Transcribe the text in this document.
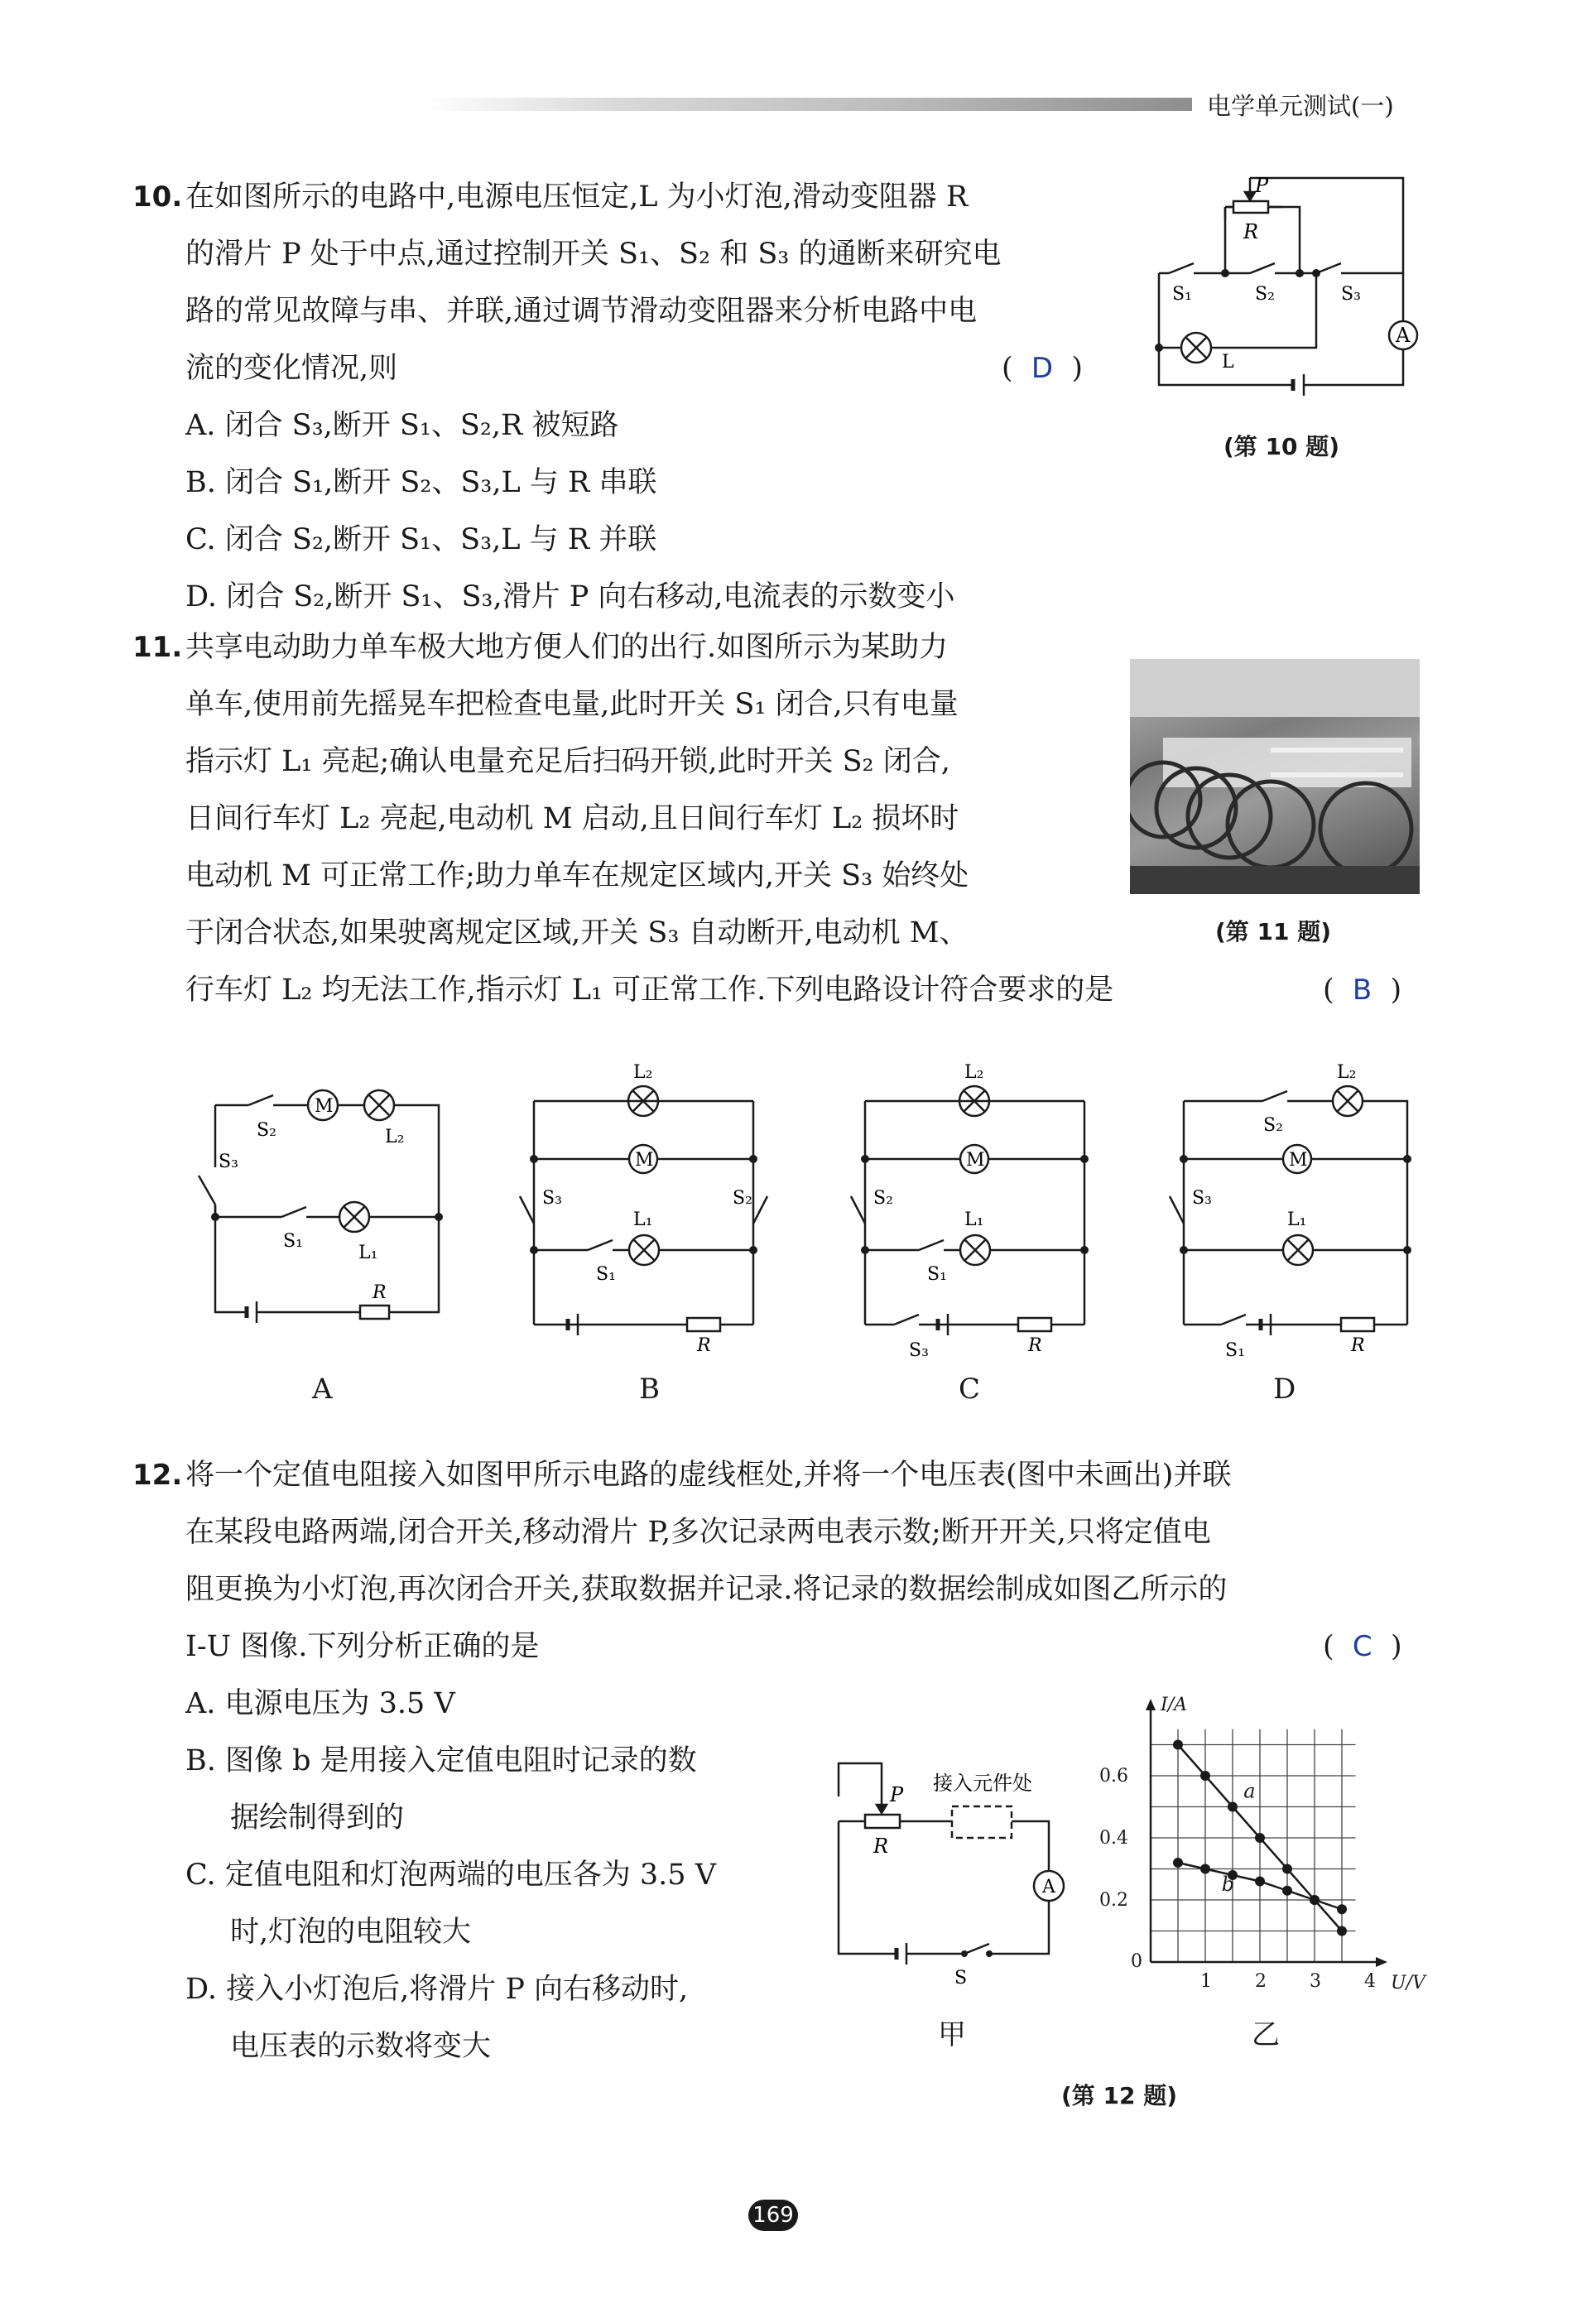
电学单元测试(一)
10. 在如图所示的电路中,电源电压恒定,L 为小灯泡,滑动变阻器 R
的滑片 P 处于中点,通过控制开关 S₁、S₂ 和 S₃ 的通断来研究电
路的常见故障与串、并联,通过调节滑动变阻器来分析电路中电
流的变化情况,则	( D )
A. 闭合 S₃,断开 S₁、S₂,R 被短路
B. 闭合 S₁,断开 S₂、S₃,L 与 R 串联
C. 闭合 S₂,断开 S₁、S₃,L 与 R 并联
D. 闭合 S₂,断开 S₁、S₃,滑片 P 向右移动,电流表的示数变小
P
R
S₁	S₂	S₃
L
A
(第 10 题)
11. 共享电动助力单车极大地方便人们的出行.如图所示为某助力
单车,使用前先摇晃车把检查电量,此时开关 S₁ 闭合,只有电量
指示灯 L₁ 亮起;确认电量充足后扫码开锁,此时开关 S₂ 闭合,
日间行车灯 L₂ 亮起,电动机 M 启动,且日间行车灯 L₂ 损坏时
电动机 M 可正常工作;助力单车在规定区域内,开关 S₃ 始终处
于闭合状态,如果驶离规定区域,开关 S₃ 自动断开,电动机 M、
行车灯 L₂ 均无法工作,指示灯 L₁ 可正常工作.下列电路设计符合要求的是	( B )
(第 11 题)
M
S₂	L₂
S₃
S₁
L₁
R
L₂
M
S₃	S₂
L₁
S₁
R
L₂
M
S₂
L₁
S₁
S₃	R
L₂
S₂
M
S₃
L₁
S₁	R
A	B	C	D
12. 将一个定值电阻接入如图甲所示电路的虚线框处,并将一个电压表(图中未画出)并联
在某段电路两端,闭合开关,移动滑片 P,多次记录两电表示数;断开开关,只将定值电
阻更换为小灯泡,再次闭合开关,获取数据并记录.将记录的数据绘制成如图乙所示的
I-U 图像.下列分析正确的是	( C )
A. 电源电压为 3.5 V
B. 图像 b 是用接入定值电阻时记录的数
据绘制得到的
C. 定值电阻和灯泡两端的电压各为 3.5 V
时,灯泡的电阻较大
D. 接入小灯泡后,将滑片 P 向右移动时,
电压表的示数将变大
接入元件处
P
R
A
S
甲
0
1 2 3 4
0.2
0.4
0.6
U/V
I/A
a
b
乙
(第 12 题)
169
